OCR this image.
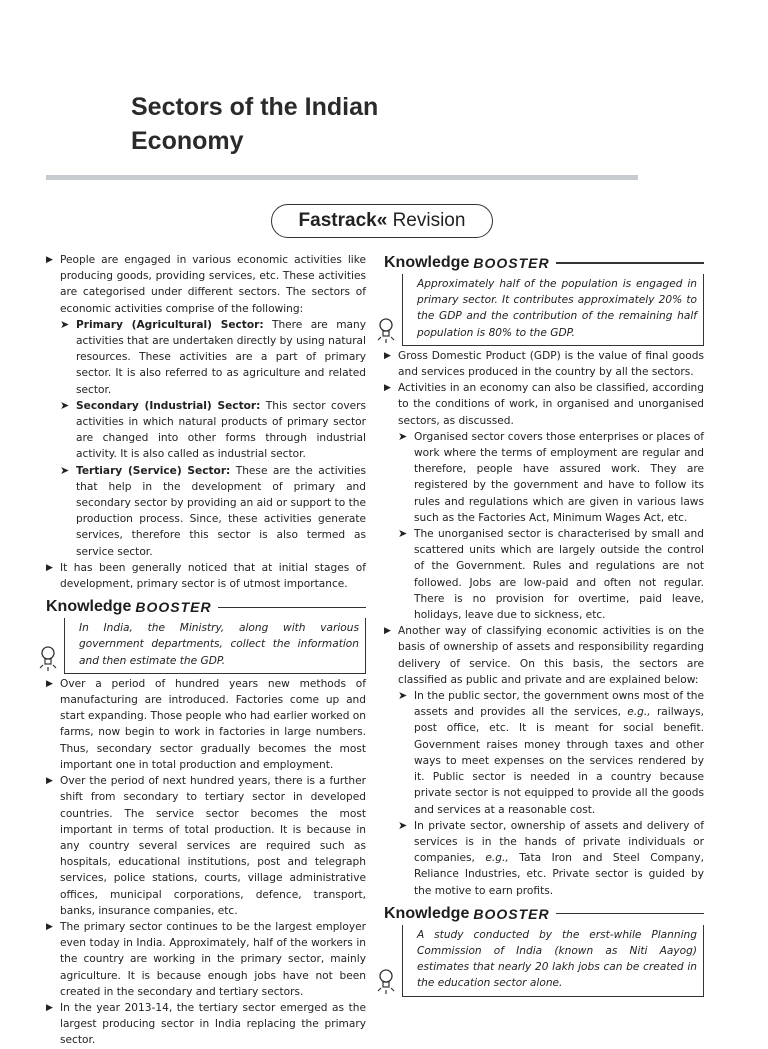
Sectors of the Indian Economy
Fastrack« Revision

▶ People are engaged in various economic activities like producing goods, providing services, etc. These activities are categorised under different sectors. The sectors of economic activities comprise of the following:

➤ Primary (Agricultural) Sector: There are many activities that are undertaken directly by using natural resources. These activities are a part of primary sector. It is also referred to as agriculture and related sector.

➤ Secondary (Industrial) Sector: This sector covers activities in which natural products of primary sector are changed into other forms through industrial activity. It is also called as industrial sector.

➤ Tertiary (Service) Sector: These are the activities that help in the development of primary and secondary sector by providing an aid or support to the production process. Since, these activities generate services, therefore this sector is also termed as service sector.

▶ It has been generally noticed that at initial stages of development, primary sector is of utmost importance.

Knowledge BOOSTER
In India, the Ministry, along with various government departments, collect the information and then estimate the GDP.

▶ Over a period of hundred years new methods of manufacturing are introduced. Factories come up and start expanding. Those people who had earlier worked on farms, now begin to work in factories in large numbers. Thus, secondary sector gradually becomes the most important one in total production and employment.

▶ Over the period of next hundred years, there is a further shift from secondary to tertiary sector in developed countries. The service sector becomes the most important in terms of total production. It is because in any country several services are required such as hospitals, educational institutions, post and telegraph services, police stations, courts, village administrative offices, municipal corporations, defence, transport, banks, insurance companies, etc.

▶ The primary sector continues to be the largest employer even today in India. Approximately, half of the workers in the country are working in the primary sector, mainly agriculture. It is because enough jobs have not been created in the secondary and tertiary sectors.

▶ In the year 2013-14, the tertiary sector emerged as the largest producing sector in India replacing the primary sector.

Knowledge BOOSTER
Approximately half of the population is engaged in primary sector. It contributes approximately 20% to the GDP and the contribution of the remaining half population is 80% to the GDP.

▶ Gross Domestic Product (GDP) is the value of final goods and services produced in the country by all the sectors.

▶ Activities in an economy can also be classified, according to the conditions of work, in organised and unorganised sectors, as discussed.

➤ Organised sector covers those enterprises or places of work where the terms of employment are regular and therefore, people have assured work. They are registered by the government and have to follow its rules and regulations which are given in various laws such as the Factories Act, Minimum Wages Act, etc.

➤ The unorganised sector is characterised by small and scattered units which are largely outside the control of the Government. Rules and regulations are not followed. Jobs are low-paid and often not regular. There is no provision for overtime, paid leave, holidays, leave due to sickness, etc.

▶ Another way of classifying economic activities is on the basis of ownership of assets and responsibility regarding delivery of service. On this basis, the sectors are classified as public and private and are explained below:

➤ In the public sector, the government owns most of the assets and provides all the services, e.g., railways, post office, etc. It is meant for social benefit. Government raises money through taxes and other ways to meet expenses on the services rendered by it. Public sector is needed in a country because private sector is not equipped to provide all the goods and services at a reasonable cost.

➤ In private sector, ownership of assets and delivery of services is in the hands of private individuals or companies, e.g., Tata Iron and Steel Company, Reliance Industries, etc. Private sector is guided by the motive to earn profits.

Knowledge BOOSTER
A study conducted by the erst-while Planning Commission of India (known as Niti Aayog) estimates that nearly 20 lakh jobs can be created in the education sector alone.
